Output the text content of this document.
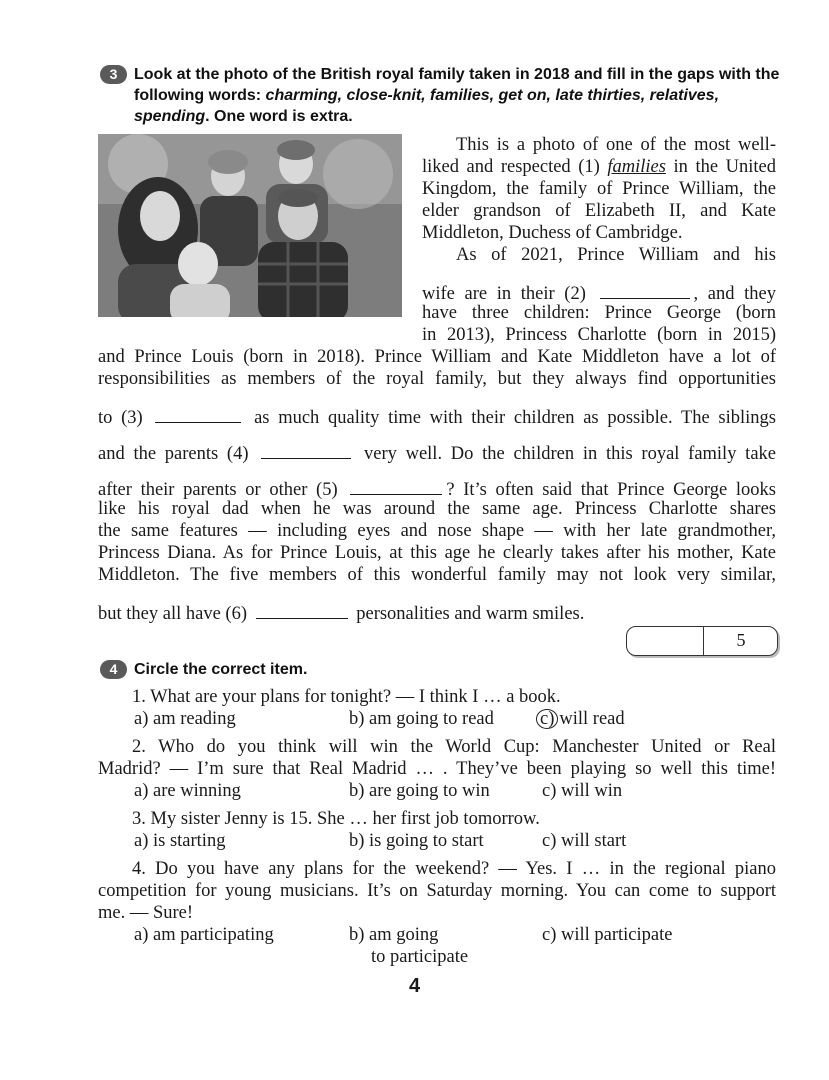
3	Look at the photo of the British royal family taken in 2018 and fill in the gaps with the following words: charming, close-knit, families, get on, late thirties, relatives, spending. One word is extra.
This is a photo of one of the most well-
liked and respected (1) families in the United
Kingdom, the family of Prince William, the
elder grandson of Elizabeth II, and Kate
Middleton, Duchess of Cambridge.
As of 2021, Prince William and his
wife are in their (2)	, and they
have three children: Prince George (born
in 2013), Princess Charlotte (born in 2015)
and Prince Louis (born in 2018). Prince William and Kate Middleton have a lot of
responsibilities as members of the royal family, but they always find opportunities
to (3)	as much quality time with their children as possible. The siblings
and the parents (4)	very well. Do the children in this royal family take
after their parents or other (5)	? It’s often said that Prince George looks
like his royal dad when he was around the same age. Princess Charlotte shares
the same features — including eyes and nose shape — with her late grandmother,
Princess Diana. As for Prince Louis, at this age he clearly takes after his mother, Kate
Middleton. The five members of this wonderful family may not look very similar,
but they all have (6)	personalities and warm smiles.
5
4	Circle the correct item.
1. What are your plans for tonight? — I think I … a book.
a) am reading	b) am going to read c) will read
2. Who do you think will win the World Cup: Manchester United or Real
Madrid? — I’m sure that Real Madrid … . They’ve been playing so well this time!
a) are winning	b) are going to win	c) will win
3. My sister Jenny is 15. She … her first job tomorrow.
a) is starting	b) is going to start	c) will start
4. Do you have any plans for the weekend? — Yes. I … in the regional piano
competition for young musicians. It’s on Saturday morning. You can come to support
me. — Sure!
a) am participating	b) am going
to participate
c) will participate
4
